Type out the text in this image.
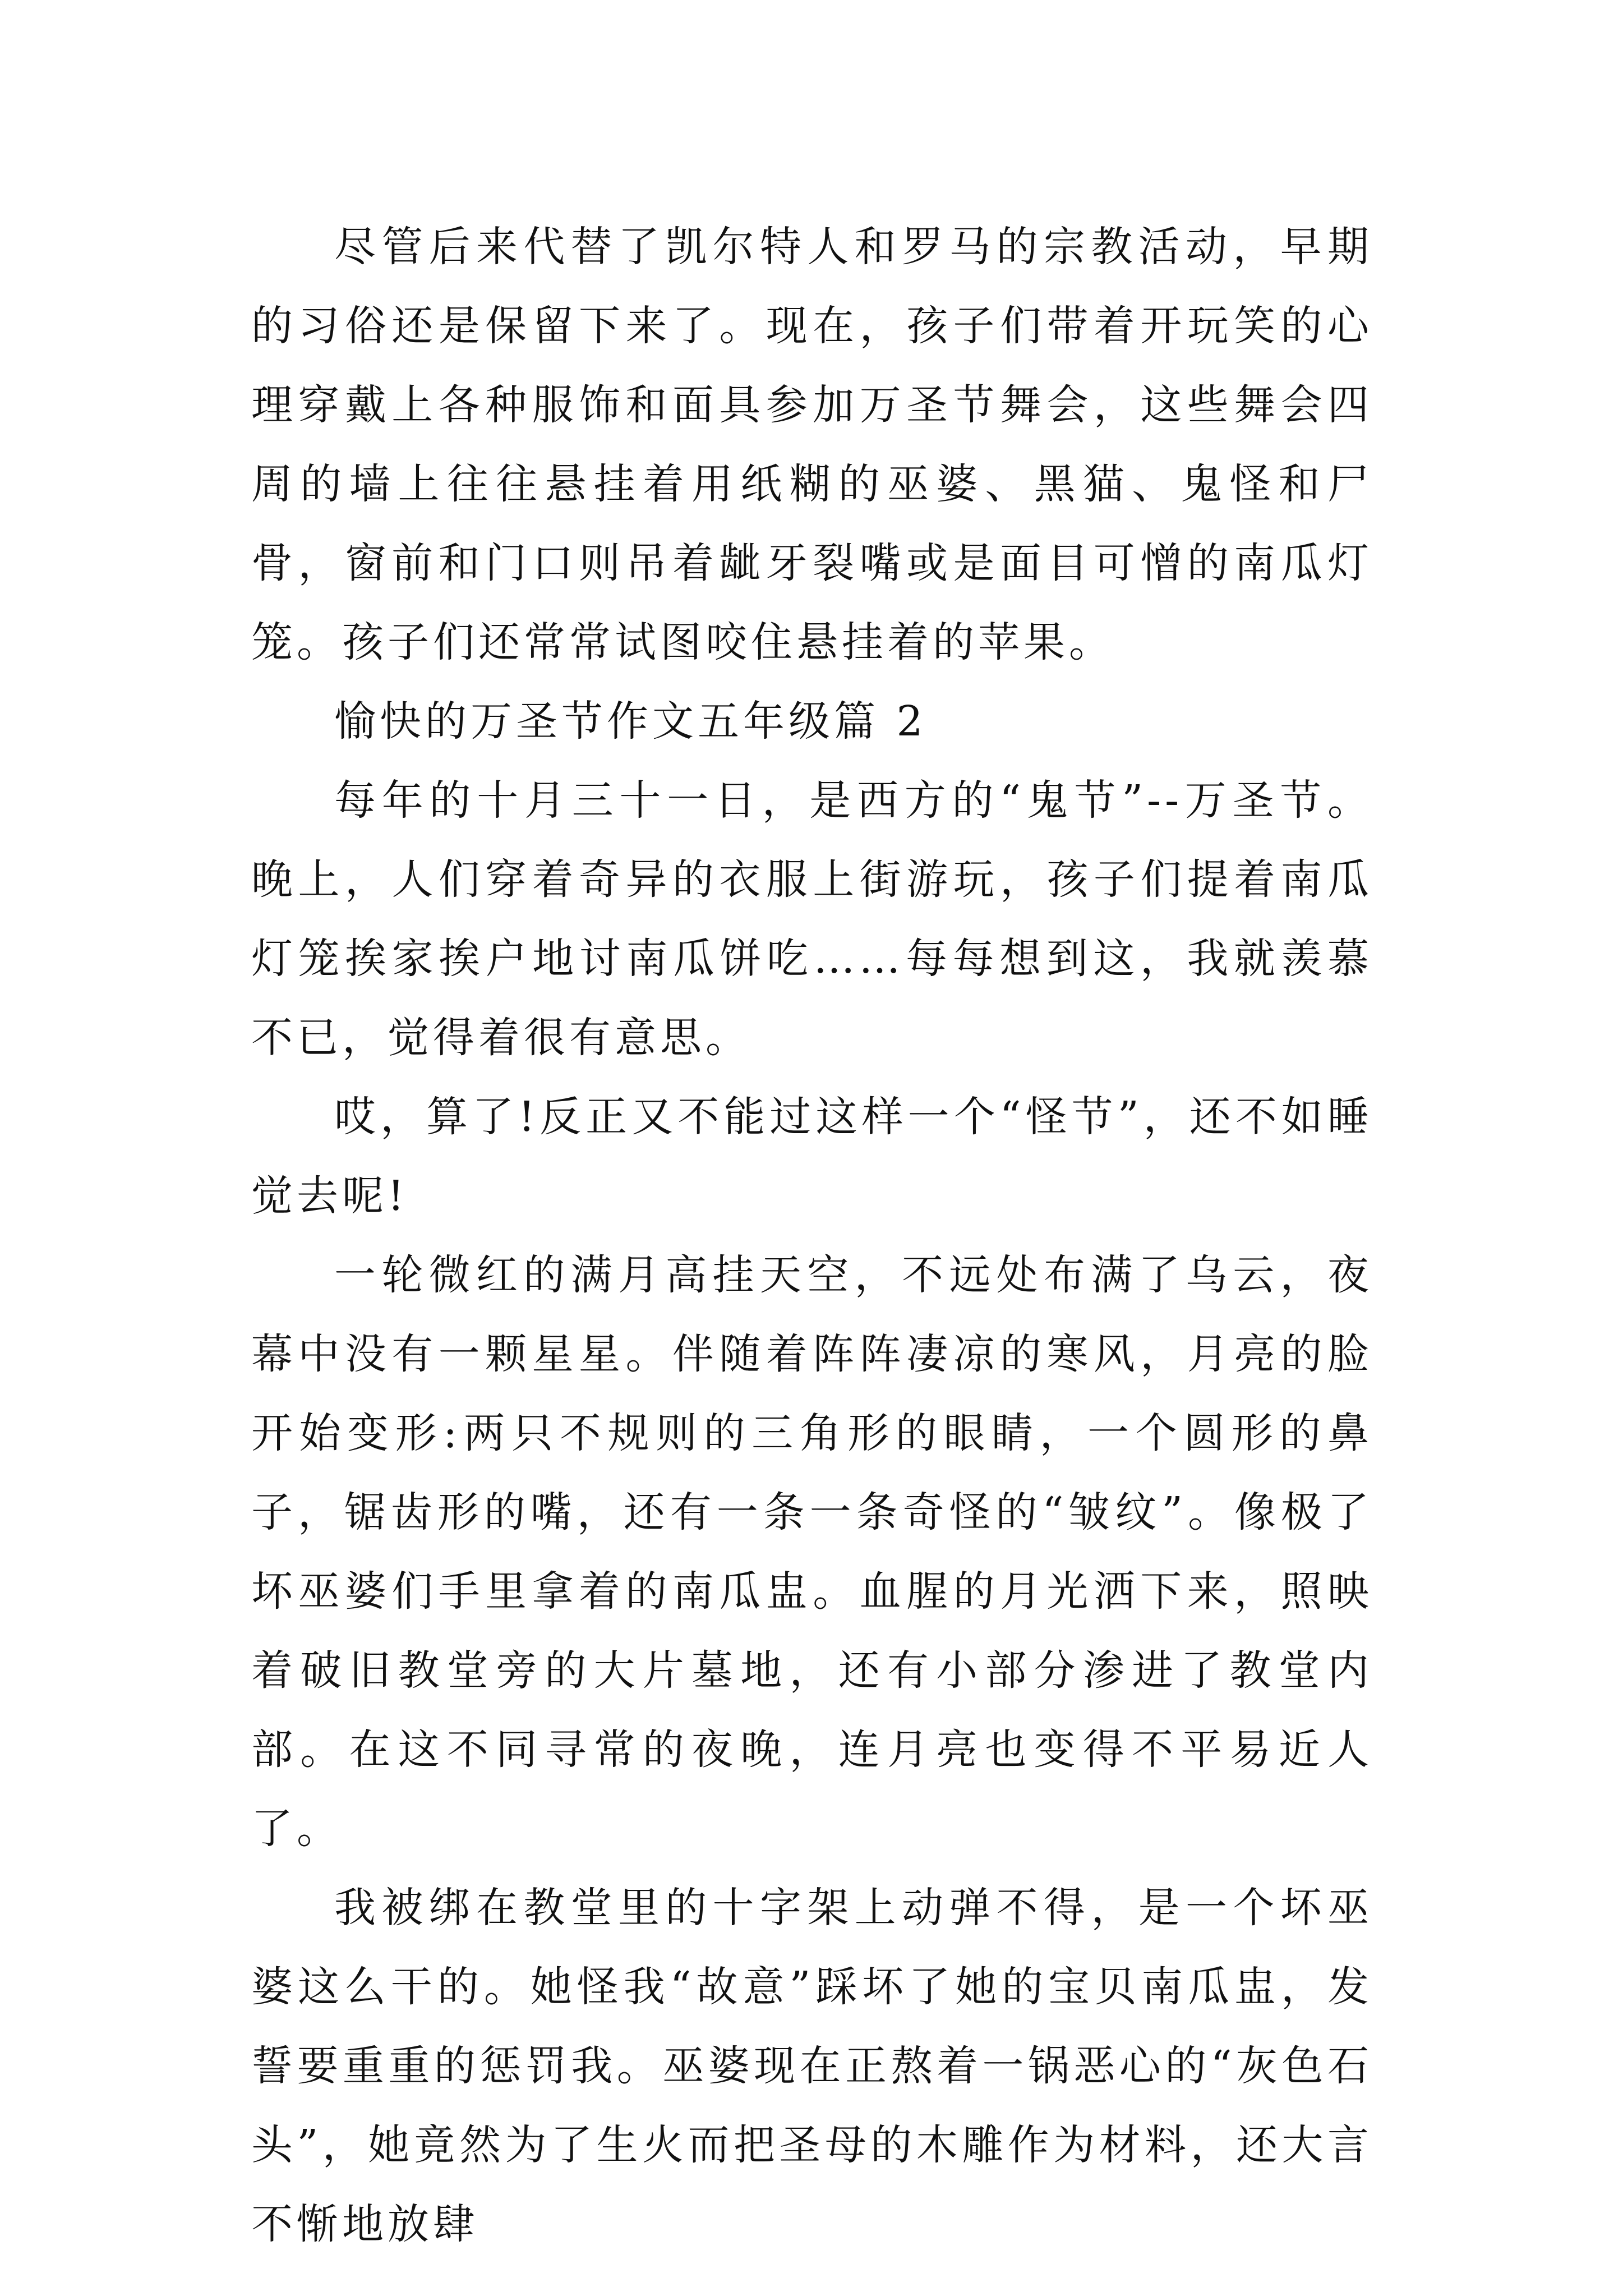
尽管后来代替了凯尔特人和罗马的宗教活动，早期的习俗还是保留下来了。现在，孩子们带着开玩笑的心理穿戴上各种服饰和面具参加万圣节舞会，这些舞会四周的墙上往往悬挂着用纸糊的巫婆、黑猫、鬼怪和尸骨，窗前和门口则吊着龇牙裂嘴或是面目可憎的南瓜灯笼。孩子们还常常试图咬住悬挂着的苹果。

愉快的万圣节作文五年级篇 2

每年的十月三十一日，是西方的“鬼节”--万圣节。晚上，人们穿着奇异的衣服上街游玩，孩子们提着南瓜灯笼挨家挨户地讨南瓜饼吃……每每想到这，我就羡慕不已，觉得着很有意思。

哎，算了!反正又不能过这样一个“怪节”，还不如睡觉去呢!

一轮微红的满月高挂天空，不远处布满了乌云，夜幕中没有一颗星星。伴随着阵阵凄凉的寒风，月亮的脸开始变形:两只不规则的三角形的眼睛，一个圆形的鼻子，锯齿形的嘴，还有一条一条奇怪的“皱纹”。像极了坏巫婆们手里拿着的南瓜盅。血腥的月光洒下来，照映着破旧教堂旁的大片墓地，还有小部分渗进了教堂内部。在这不同寻常的夜晚，连月亮也变得不平易近人了。

我被绑在教堂里的十字架上动弹不得，是一个坏巫婆这么干的。她怪我“故意”踩坏了她的宝贝南瓜盅，发誓要重重的惩罚我。巫婆现在正熬着一锅恶心的“灰色石头”，她竟然为了生火而把圣母的木雕作为材料，还大言不惭地放肆
